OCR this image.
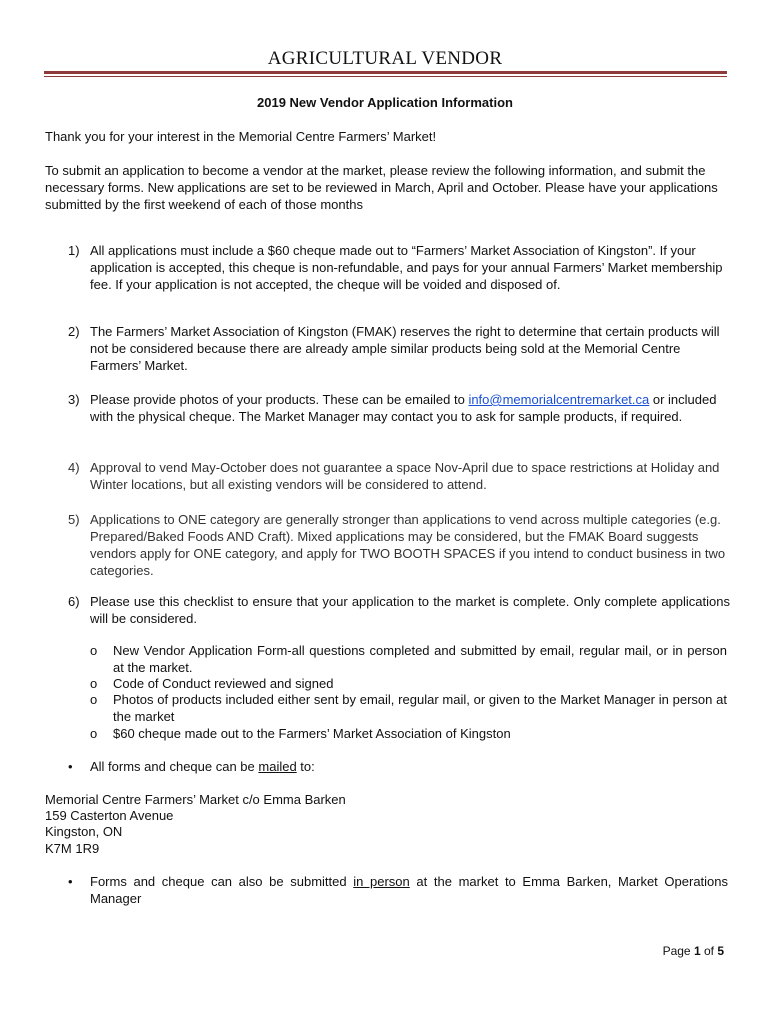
AGRICULTURAL VENDOR
2019 New Vendor Application Information

Thank you for your interest in the Memorial Centre Farmers’ Market!

To submit an application to become a vendor at the market, please review the following information, and submit the necessary forms. New applications are set to be reviewed in March, April and October. Please have your applications submitted by the first weekend of each of those months

1) All applications must include a $60 cheque made out to “Farmers’ Market Association of Kingston”. If your application is accepted, this cheque is non-refundable, and pays for your annual Farmers’ Market membership fee. If your application is not accepted, the cheque will be voided and disposed of.

2) The Farmers’ Market Association of Kingston (FMAK) reserves the right to determine that certain products will not be considered because there are already ample similar products being sold at the Memorial Centre Farmers’ Market.

3) Please provide photos of your products. These can be emailed to info@memorialcentremarket.ca or included with the physical cheque. The Market Manager may contact you to ask for sample products, if required.

4) Approval to vend May-October does not guarantee a space Nov-April due to space restrictions at Holiday and Winter locations, but all existing vendors will be considered to attend.

5) Applications to ONE category are generally stronger than applications to vend across multiple categories (e.g. Prepared/Baked Foods AND Craft). Mixed applications may be considered, but the FMAK Board suggests vendors apply for ONE category, and apply for TWO BOOTH SPACES if you intend to conduct business in two categories.

6) Please use this checklist to ensure that your application to the market is complete. Only complete applications will be considered.

o New Vendor Application Form-all questions completed and submitted by email, regular mail, or in person at the market.

o Code of Conduct reviewed and signed

o Photos of products included either sent by email, regular mail, or given to the Market Manager in person at the market

o $60 cheque made out to the Farmers’ Market Association of Kingston

• All forms and cheque can be mailed to:

Memorial Centre Farmers’ Market c/o Emma Barken

159 Casterton Avenue

Kingston, ON

K7M 1R9

• Forms and cheque can also be submitted in person at the market to Emma Barken, Market Operations Manager

Page 1 of 5
